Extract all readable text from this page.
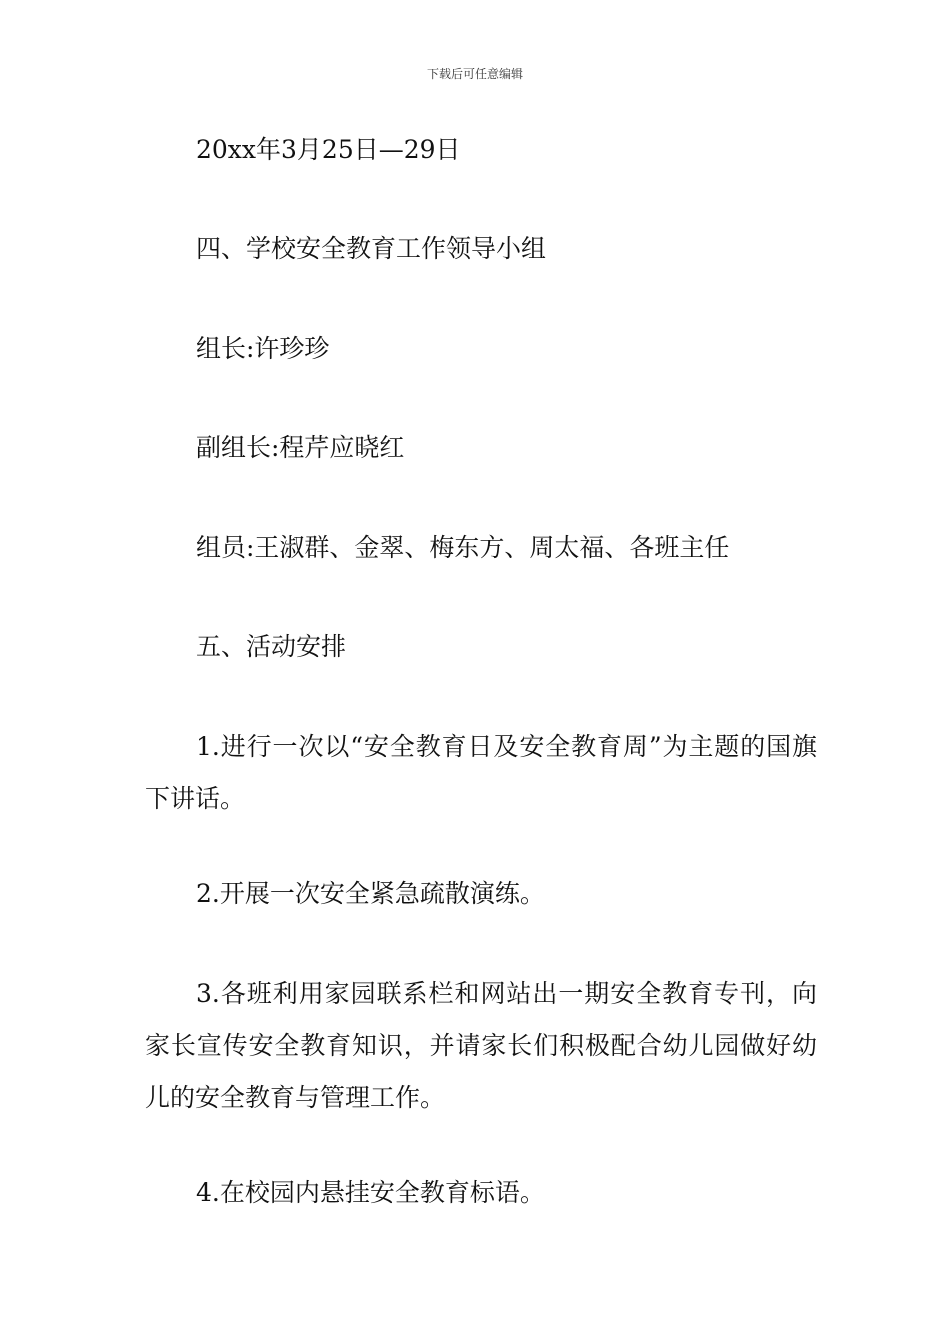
下载后可任意编辑
20xx年3月25日—29日
四、学校安全教育工作领导小组
组长:许珍珍
副组长:程芹应晓红
组员:王淑群、金翠、梅东方、周太福、各班主任
五、活动安排
1.进行一次以“安全教育日及安全教育周”为主题的国旗下讲话。
2.开展一次安全紧急疏散演练。
3.各班利用家园联系栏和网站出一期安全教育专刊，向家长宣传安全教育知识，并请家长们积极配合幼儿园做好幼儿的安全教育与管理工作。
4.在校园内悬挂安全教育标语。
